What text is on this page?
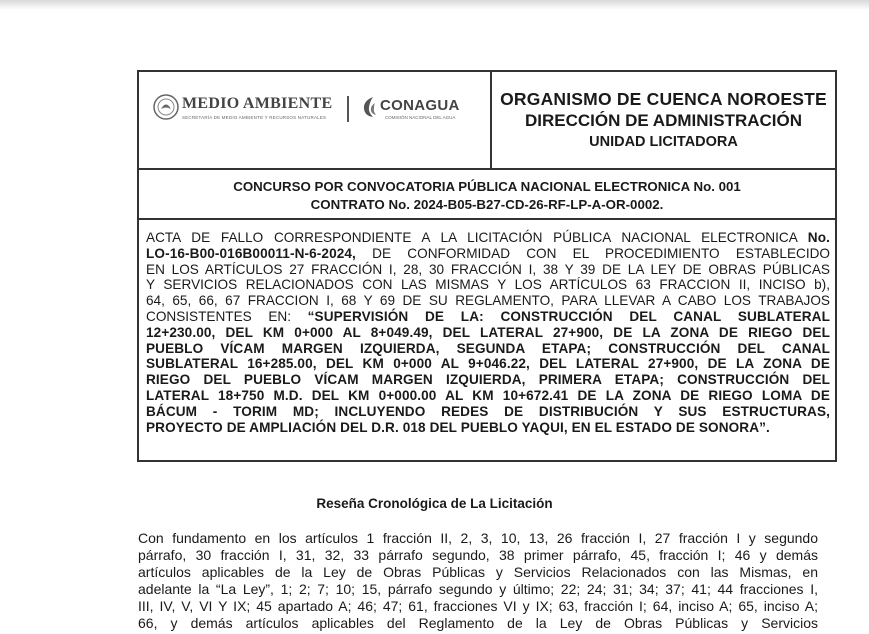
MEDIO AMBIENTE
SECRETARÍA DE MEDIO AMBIENTE Y RECURSOS NATURALES
CONAGUA
COMISIÓN NACIONAL DEL AGUA
ORGANISMO DE CUENCA NOROESTE
DIRECCIÓN DE ADMINISTRACIÓN
UNIDAD LICITADORA
CONCURSO POR CONVOCATORIA PÚBLICA NACIONAL ELECTRONICA No. 001
CONTRATO No. 2024-B05-B27-CD-26-RF-LP-A-OR-0002.
ACTA DE FALLO CORRESPONDIENTE A LA LICITACIÓN PÚBLICA NACIONAL ELECTRONICA No.
LO-16-B00-016B00011-N-6-2024, DE CONFORMIDAD CON EL PROCEDIMIENTO ESTABLECIDO
EN LOS ARTÍCULOS 27 FRACCIÓN I, 28, 30 FRACCIÓN I, 38 Y 39 DE LA LEY DE OBRAS PÚBLICAS
Y SERVICIOS RELACIONADOS CON LAS MISMAS Y LOS ARTÍCULOS 63 FRACCION II, INCISO b),
64, 65, 66, 67 FRACCION I, 68 Y 69 DE SU REGLAMENTO, PARA LLEVAR A CABO LOS TRABAJOS
CONSISTENTES EN: “SUPERVISIÓN DE LA: CONSTRUCCIÓN DEL CANAL SUBLATERAL
12+230.00, DEL KM 0+000 AL 8+049.49, DEL LATERAL 27+900, DE LA ZONA DE RIEGO DEL
PUEBLO VÍCAM MARGEN IZQUIERDA, SEGUNDA ETAPA; CONSTRUCCIÓN DEL CANAL
SUBLATERAL 16+285.00, DEL KM 0+000 AL 9+046.22, DEL LATERAL 27+900, DE LA ZONA DE
RIEGO DEL PUEBLO VÍCAM MARGEN IZQUIERDA, PRIMERA ETAPA; CONSTRUCCIÓN DEL
LATERAL 18+750 M.D. DEL KM 0+000.00 AL KM 10+672.41 DE LA ZONA DE RIEGO LOMA DE
BÁCUM - TORIM MD; INCLUYENDO REDES DE DISTRIBUCIÓN Y SUS ESTRUCTURAS,
PROYECTO DE AMPLIACIÓN DEL D.R. 018 DEL PUEBLO YAQUI, EN EL ESTADO DE SONORA”.
Reseña Cronológica de La Licitación
Con fundamento en los artículos 1 fracción II, 2, 3, 10, 13, 26 fracción I, 27 fracción I y segundo
párrafo, 30 fracción I, 31, 32, 33 párrafo segundo, 38 primer párrafo, 45, fracción I; 46 y demás
artículos aplicables de la Ley de Obras Públicas y Servicios Relacionados con las Mismas, en
adelante la “La Ley”, 1; 2; 7; 10; 15, párrafo segundo y último; 22; 24; 31; 34; 37; 41; 44 fracciones I,
III, IV, V, VI Y IX; 45 apartado A; 46; 47; 61, fracciones VI y IX; 63, fracción I; 64, inciso A; 65, inciso A;
66, y demás artículos aplicables del Reglamento de la Ley de Obras Públicas y Servicios
